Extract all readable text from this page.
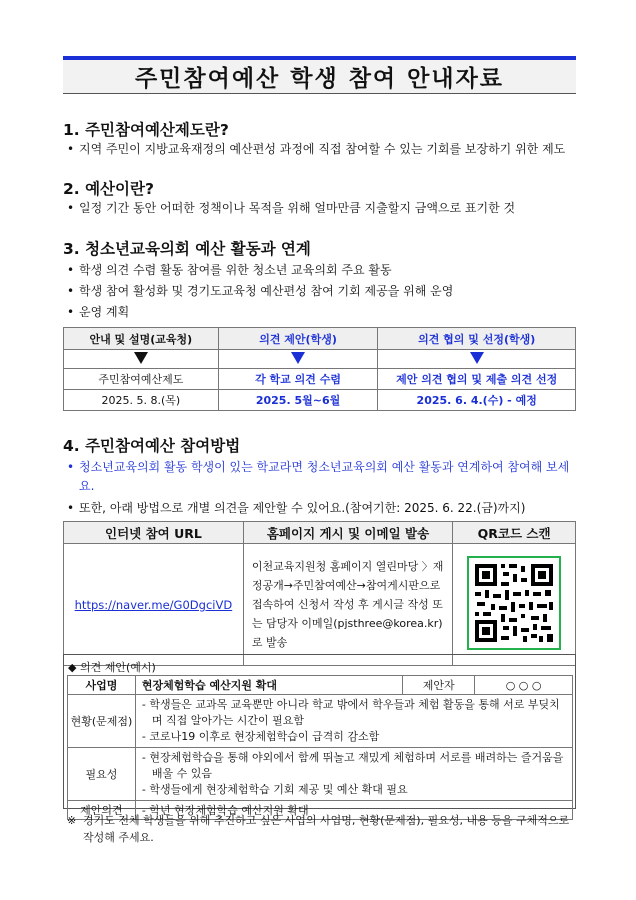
주민참여예산 학생 참여 안내자료
1. 주민참여예산제도란?
• 지역 주민이 지방교육재정의 예산편성 과정에 직접 참여할 수 있는 기회를 보장하기 위한 제도
2. 예산이란?
• 일정 기간 동안 어떠한 정책이나 목적을 위해 얼마만큼 지출할지 금액으로 표기한 것
3. 청소년교육의회 예산 활동과 연계
• 학생 의견 수렴 활동 참여를 위한 청소년 교육의회 주요 활동
• 학생 참여 활성화 및 경기도교육청 예산편성 참여 기회 제공을 위해 운영
• 운영 계획
안내 및 설명(교육청)	의견 제안(학생)	의견 협의 및 선정(학생)

주민참여예산제도	각 학교 의견 수렴	제안 의견 협의 및 제출 의견 선정
2025. 5. 8.(목)	2025. 5월~6월	2025. 6. 4.(수) - 예정
4. 주민참여예산 참여방법
• 청소년교육의회 활동 학생이 있는 학교라면 청소년교육의회 예산 활동과 연계하여 참여해 보세요.
• 또한, 아래 방법으로 개별 의견을 제안할 수 있어요.(참여기한: 2025. 6. 22.(금)까지)
인터넷 참여 URL	홈페이지 게시 및 이메일 발송	QR코드 스캔
https://naver.me/G0DgciVD	이천교육지원청 홈페이지 열린마당 〉재정공개→주민참여예산→참여게시판으로 접속하여 신청서 작성 후 게시글 작성 또는 담당자 이메일(pjsthree@korea.kr)로 발송	
◆ 의견 제안(예시)
사업명	현장체험학습 예산지원 확대	제안자	○ ○ ○
현황(문제점)	- 학생들은 교과목 교육뿐만 아니라 학교 밖에서 학우들과 체험 활동을 통해 서로 부딪치며 직접 알아가는 시간이 필요함
- 코로나19 이후로 현장체험학습이 급격히 감소함		

필요성	- 현장체험학습을 통해 야외에서 함께 뛰놀고 재밌게 체험하며 서로를 배려하는 즐거움을 배울 수 있음
- 학생들에게 현장체험학습 기회 제공 및 예산 확대 필요		

제안의견	- 학년 현장체험학습 예산지원 확대		
※ 경기도 전체 학생들을 위해 추진하고 싶은 사업의 사업명, 현황(문제점), 필요성, 내용 등을 구체적으로 작성해 주세요.
